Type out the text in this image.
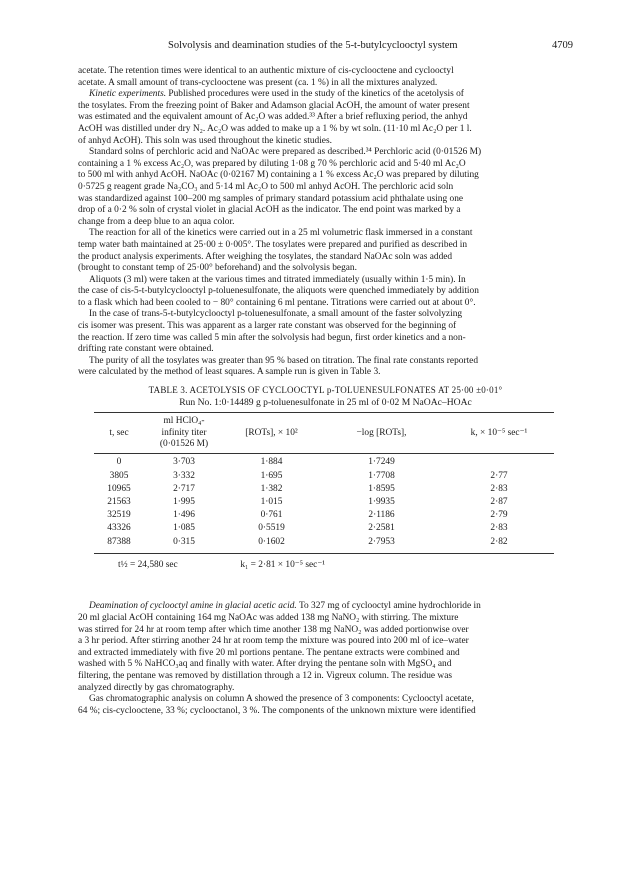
Solvolysis and deamination studies of the 5-t-butylcyclooctyl system	4709
acetate. The retention times were identical to an authentic mixture of cis-cyclooctene and cyclooctyl
acetate. A small amount of trans-cyclooctene was present (ca. 1 %) in all the mixtures analyzed.
Kinetic experiments. Published procedures were used in the study of the kinetics of the acetolysis of
the tosylates. From the freezing point of Baker and Adamson glacial AcOH, the amount of water present
was estimated and the equivalent amount of Ac₂O was added.³³ After a brief refluxing period, the anhyd
AcOH was distilled under dry N₂. Ac₂O was added to make up a 1 % by wt soln. (11·10 ml Ac₂O per 1 l.
of anhyd AcOH). This soln was used throughout the kinetic studies.
Standard solns of perchloric acid and NaOAc were prepared as described.³⁴ Perchloric acid (0·01526 M)
containing a 1 % excess Ac₂O, was prepared by diluting 1·08 g 70 % perchloric acid and 5·40 ml Ac₂O
to 500 ml with anhyd AcOH. NaOAc (0·02167 M) containing a 1 % excess Ac₂O was prepared by diluting
0·5725 g reagent grade Na₂CO₃ and 5·14 ml Ac₂O to 500 ml anhyd AcOH. The perchloric acid soln
was standardized against 100–200 mg samples of primary standard potassium acid phthalate using one
drop of a 0·2 % soln of crystal violet in glacial AcOH as the indicator. The end point was marked by a
change from a deep blue to an aqua color.
The reaction for all of the kinetics were carried out in a 25 ml volumetric flask immersed in a constant
temp water bath maintained at 25·00 ± 0·005°. The tosylates were prepared and purified as described in
the product analysis experiments. After weighing the tosylates, the standard NaOAc soln was added
(brought to constant temp of 25·00° beforehand) and the solvolysis began.
Aliquots (3 ml) were taken at the various times and titrated immediately (usually within 1·5 min). In
the case of cis-5-t-butylcyclooctyl p-toluenesulfonate, the aliquots were quenched immediately by addition
to a flask which had been cooled to − 80° containing 6 ml pentane. Titrations were carried out at about 0°.
In the case of trans-5-t-butylcyclooctyl p-toluenesulfonate, a small amount of the faster solvolyzing
cis isomer was present. This was apparent as a larger rate constant was observed for the beginning of
the reaction. If zero time was called 5 min after the solvolysis had begun, first order kinetics and a non-
drifting rate constant were obtained.
The purity of all the tosylates was greater than 95 % based on titration. The final rate constants reported
were calculated by the method of least squares. A sample run is given in Table 3.
TABLE 3. ACETOLYSIS OF CYCLOOCTYL p-TOLUENESULFONATES AT 25·00 ±0·01°
Run No. 1:0·14489 g p-toluenesulfonate in 25 ml of 0·02 M NaOAc–HOAc
t, sec	ml HClO₄-
infinity titer
(0·01526 M)	[ROTs], × 10²	−log [ROTs],	k, × 10⁻⁵ sec⁻¹

0	3·703	1·884	1·7249	
3805	3·332	1·695	1·7708	2·77
10965	2·717	1·382	1·8595	2·83
21563	1·995	1·015	1·9935	2·87
32519	1·496	0·761	2·1186	2·79
43326	1·085	0·5519	2·2581	2·83
87388	0·315	0·1602	2·7953	2·82
t½ = 24,580 sec	k₁ = 2·81 × 10⁻⁵ sec⁻¹
Deamination of cyclooctyl amine in glacial acetic acid. To 327 mg of cyclooctyl amine hydrochloride in
20 ml glacial AcOH containing 164 mg NaOAc was added 138 mg NaNO₂ with stirring. The mixture
was stirred for 24 hr at room temp after which time another 138 mg NaNO₂ was added portionwise over
a 3 hr period. After stirring another 24 hr at room temp the mixture was poured into 200 ml of ice–water
and extracted immediately with five 20 ml portions pentane. The pentane extracts were combined and
washed with 5 % NaHCO₃aq and finally with water. After drying the pentane soln with MgSO₄ and
filtering, the pentane was removed by distillation through a 12 in. Vigreux column. The residue was
analyzed directly by gas chromatography.
Gas chromatographic analysis on column A showed the presence of 3 components: Cyclooctyl acetate,
64 %; cis-cyclooctene, 33 %; cyclooctanol, 3 %. The components of the unknown mixture were identified
